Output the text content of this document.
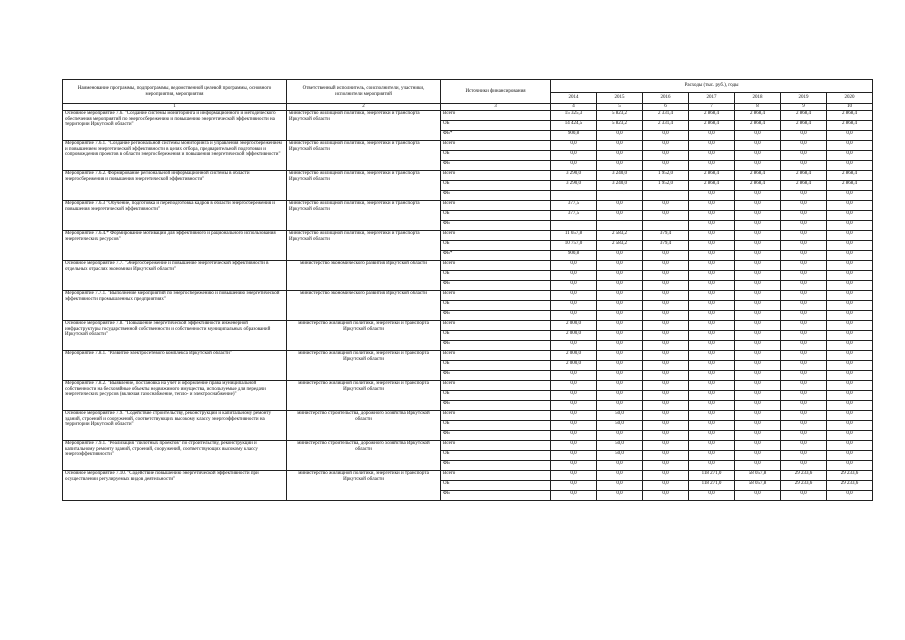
Наименование программы, подпрограммы, ведомственной целевой программы, основного мероприятия, мероприятия	Ответственный исполнитель, соисполнители, участники, исполнители мероприятий	Источники финансирования	Расходы (тыс. руб.), годы						
			2014	2015	2016	2017	2018	2019	2020
1	2	3	4	5	6	7	8	9	10
Основное мероприятие 7.6. "Создание системы мониторинга и информационного и методического обеспечения мероприятий по энергосбережению и повышению энергетической эффективности на территории Иркутской области"	министерство жилищной политики, энергетики и транспорта Иркутской области	Всего	15 325,3	5 823,2	2 331,4	2 868,4	2 868,4	2 868,4	2 868,4
		ОБ	14 424,5	5 823,2	2 331,4	2 868,4	2 868,4	2 868,4	2 868,4
		ФБ*	900,8	0,0	0,0	0,0	0,0	0,0	0,0
Мероприятие 7.6.1. "Создание региональной системы мониторинга и управления энергосбережением и повышением энергетической эффективности в целях отбора, предварительной подготовки и сопровождения проектов в области энергосбережения и повышения энергетической эффективности"	министерство жилищной политики, энергетики и транспорта Иркутской области	Всего	0,0	0,0	0,0	0,0	0,0	0,0	0,0
		ОБ	0,0	0,0	0,0	0,0	0,0	0,0	0,0
		ФБ	0,0	0,0	0,0	0,0	0,0	0,0	0,0
Мероприятие 7.6.2. Формирование региональной информационной системы в области энергосбережения и повышения энергетической эффективности"	министерство жилищной политики, энергетики и транспорта Иркутской области	Всего	3 290,0	3 240,0	1 952,0	2 868,4	2 868,4	2 868,4	2 868,4
		ОБ	3 290,0	3 240,0	1 952,0	2 868,4	2 868,4	2 868,4	2 868,4
		ФБ				0,0	0,0	0,0	0,0
Мероприятие 7.6.3 "Обучение, подготовка и переподготовка кадров в области энергосбережения и повышения энергетической эффективности"	министерство жилищной политики, энергетики и транспорта Иркутской области	Всего	377,5	0,0	0,0	0,0	0,0	0,0	0,0
		ОБ	377,5	0,0	0,0	0,0	0,0	0,0	0,0
		ФБ				0,0	0,0	0,0	0,0
Мероприятие 7.6.4.* Формирование мотивации для эффективного и рационального использования энергетических ресурсов"	министерство жилищной политики, энергетики и транспорта Иркутской области	Всего	11 657,8	2 583,2	379,4	0,0	0,0	0,0	0,0
		ОБ	10 757,0	2 583,2	379,4	0,0	0,0	0,0	0,0
		ФБ*	900,8	0,0	0,0	0,0	0,0	0,0	0,0
Основное мероприятие 7.7. "Энергосбережение и повышение энергетической эффективности в отдельных отраслях экономики Иркутской области"	министерство экономического развития Иркутской области	Всего	0,0	0,0	0,0	0,0	0,0	0,0	0,0
		ОБ	0,0	0,0	0,0	0,0	0,0	0,0	0,0
		ФБ	0,0	0,0	0,0	0,0	0,0	0,0	0,0
Мероприятие 7.7.1. "Выполнение мероприятий по энергосбережению и повышению энергетической эффективности промышленных предприятиях"	министерство экономического развития Иркутской области	Всего	0,0	0,0	0,0	0,0	0,0	0,0	0,0
		ОБ	0,0	0,0	0,0	0,0	0,0	0,0	0,0
		ФБ	0,0	0,0	0,0	0,0	0,0	0,0	0,0
Основное мероприятие 7.8. "Повышение энергетической эффективности инженерной инфраструктуры государственной собственности и собственности муниципальных образований Иркутской области"	министерство жилищной политики, энергетики и транспорта Иркутской области	Всего	2 000,0	0,0	0,0	0,0	0,0	0,0	0,0
		ОБ	2 000,0	0,0	0,0	0,0	0,0	0,0	0,0
		ФБ	0,0	0,0	0,0	0,0	0,0	0,0	0,0
Мероприятие 7.8.1. "Развитие электросетевого комплекса Иркутской области"	министерство жилищной политики, энергетики и транспорта Иркутской области	Всего	2 000,0	0,0	0,0	0,0	0,0	0,0	0,0
		ОБ	2 000,0	0,0	0,0	0,0	0,0	0,0	0,0
		ФБ	0,0	0,0	0,0	0,0	0,0	0,0	0,0
Мероприятие 7.8.2. "Выявление, постановка на учет и оформление права муниципальной собственности на бесхозяйные объекты недвижимого имущества, используемые для передачи энергетических ресурсов (включая газоснабжение, тепло- и электроснабжение)"	министерство жилищной политики, энергетики и транспорта Иркутской области	Всего	0,0	0,0	0,0	0,0	0,0	0,0	0,0
		ОБ	0,0	0,0	0,0	0,0	0,0	0,0	0,0
		ФБ	0,0	0,0	0,0	0,0	0,0	0,0	0,0
Основное мероприятие 7.9. "Содействие строительству, реконструкции и капитальному ремонту зданий, строений и сооружений, соответствующих высокому классу энергоэффективности на территории Иркутской области"	министерство строительства, дорожного хозяйства Иркутской области	Всего	0,0	50,0	0,0	0,0	0,0	0,0	0,0
		ОБ	0,0	50,0	0,0	0,0	0,0	0,0	0,0
		ФБ	0,0	0,0	0,0	0,0	0,0	0,0	0,0
Мероприятие 7.9.1. "Реализация "пилотных проектов" по строительству, реконструкции и капитальному ремонту зданий, строений, сооружений, соответствующих высокому классу энергоэффективности"	министерство строительства, дорожного хозяйства Иркутской области	Всего	0,0	50,0	0,0	0,0	0,0	0,0	0,0
		ОБ	0,0	50,0	0,0	0,0	0,0	0,0	0,0
		ФБ	0,0	0,0	0,0	0,0	0,0	0,0	0,0
Основное мероприятие 7.10. "Содействие повышению энергетической эффективности при осуществлении регулируемых видов деятельности"	министерство жилищной политики, энергетики и транспорта Иркутской области	Всего	0,0	0,0	0,0	118 271,0	58 057,8	29 233,6	29 233,6
		ОБ	0,0	0,0	0,0	118 271,0	58 057,8	29 233,6	29 233,6
		ФБ	0,0	0,0	0,0	0,0	0,0	0,0	0,0
